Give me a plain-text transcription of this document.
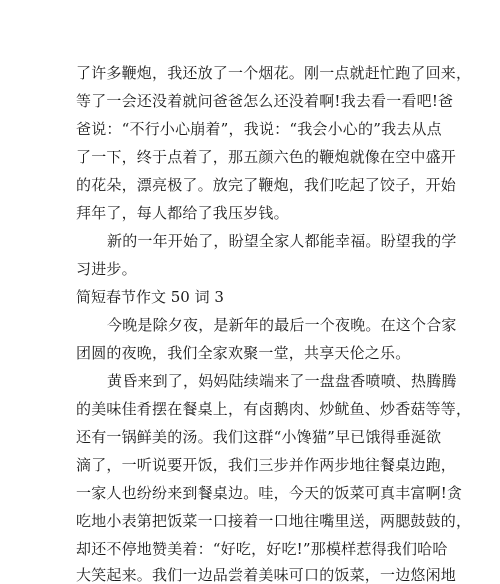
了许多鞭炮，我还放了一个烟花。刚一点就赶忙跑了回来，
等了一会还没着就问爸爸怎么还没着啊!我去看一看吧!爸
爸说：“不行小心崩着”，我说：“我会小心的”我去从点
了一下，终于点着了，那五颜六色的鞭炮就像在空中盛开
的花朵，漂亮极了。放完了鞭炮，我们吃起了饺子，开始
拜年了，每人都给了我压岁钱。
新的一年开始了，盼望全家人都能幸福。盼望我的学
习进步。
简短春节作文 50 词 3
今晚是除夕夜，是新年的最后一个夜晚。在这个合家
团圆的夜晚，我们全家欢聚一堂，共享天伦之乐。
黄昏来到了，妈妈陆续端来了一盘盘香喷喷、热腾腾
的美味佳肴摆在餐桌上，有卤鹅肉、炒鱿鱼、炒香菇等等，
还有一锅鲜美的汤。我们这群“小馋猫”早已饿得垂涎欲
滴了，一听说要开饭，我们三步并作两步地往餐桌边跑，
一家人也纷纷来到餐桌边。哇，今天的饭菜可真丰富啊!贪
吃地小表第把饭菜一口接着一口地往嘴里送，两腮鼓鼓的，
却还不停地赞美着：“好吃，好吃!”那模样惹得我们哈哈
大笑起来。我们一边品尝着美味可口的饭菜，一边悠闲地
